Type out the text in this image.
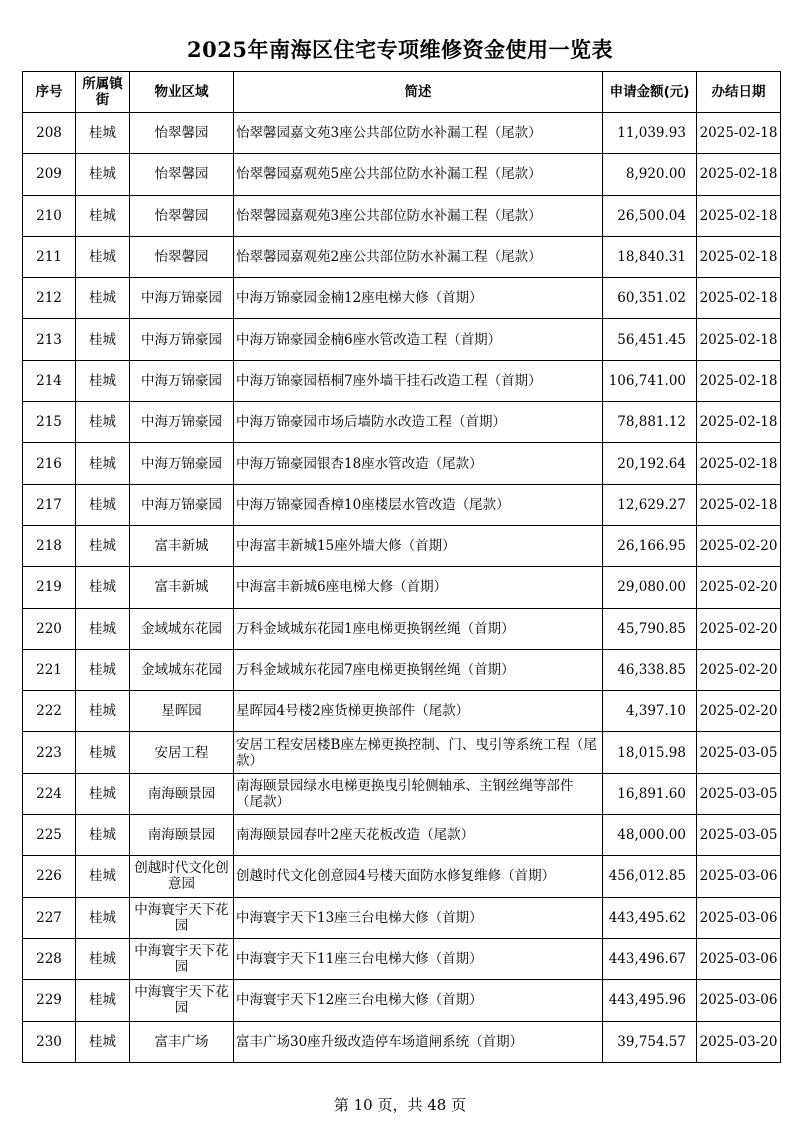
2025年南海区住宅专项维修资金使用一览表
序号	所属镇街	物业区域	简述	申请金额(元)	办结日期
208	桂城	怡翠馨园	怡翠馨园嘉文苑3座公共部位防水补漏工程（尾款）	11,039.93	2025-02-18
209	桂城	怡翠馨园	怡翠馨园嘉观苑5座公共部位防水补漏工程（尾款）	8,920.00	2025-02-18
210	桂城	怡翠馨园	怡翠馨园嘉观苑3座公共部位防水补漏工程（尾款）	26,500.04	2025-02-18
211	桂城	怡翠馨园	怡翠馨园嘉观苑2座公共部位防水补漏工程（尾款）	18,840.31	2025-02-18
212	桂城	中海万锦豪园	中海万锦豪园金楠12座电梯大修（首期）	60,351.02	2025-02-18
213	桂城	中海万锦豪园	中海万锦豪园金楠6座水管改造工程（首期）	56,451.45	2025-02-18
214	桂城	中海万锦豪园	中海万锦豪园梧桐7座外墙干挂石改造工程（首期）	106,741.00	2025-02-18
215	桂城	中海万锦豪园	中海万锦豪园市场后墙防水改造工程（首期）	78,881.12	2025-02-18
216	桂城	中海万锦豪园	中海万锦豪园银杏18座水管改造（尾款）	20,192.64	2025-02-18
217	桂城	中海万锦豪园	中海万锦豪园香樟10座楼层水管改造（尾款）	12,629.27	2025-02-18
218	桂城	富丰新城	中海富丰新城15座外墙大修（首期）	26,166.95	2025-02-20
219	桂城	富丰新城	中海富丰新城6座电梯大修（首期）	29,080.00	2025-02-20
220	桂城	金域城东花园	万科金域城东花园1座电梯更换钢丝绳（首期）	45,790.85	2025-02-20
221	桂城	金域城东花园	万科金域城东花园7座电梯更换钢丝绳（首期）	46,338.85	2025-02-20
222	桂城	星晖园	星晖园4号楼2座货梯更换部件（尾款）	4,397.10	2025-02-20
223	桂城	安居工程	安居工程安居楼B座左梯更换控制、门、曳引等系统工程（尾款）	18,015.98	2025-03-05
224	桂城	南海颐景园	南海颐景园绿水电梯更换曳引轮侧轴承、主钢丝绳等部件（尾款）	16,891.60	2025-03-05
225	桂城	南海颐景园	南海颐景园春叶2座天花板改造（尾款）	48,000.00	2025-03-05
226	桂城	创越时代文化创意园	创越时代文化创意园4号楼天面防水修复维修（首期）	456,012.85	2025-03-06
227	桂城	中海寰宇天下花园	中海寰宇天下13座三台电梯大修（首期）	443,495.62	2025-03-06
228	桂城	中海寰宇天下花园	中海寰宇天下11座三台电梯大修（首期）	443,496.67	2025-03-06
229	桂城	中海寰宇天下花园	中海寰宇天下12座三台电梯大修（首期）	443,495.96	2025-03-06
230	桂城	富丰广场	富丰广场30座升级改造停车场道闸系统（首期）	39,754.57	2025-03-20
第 10 页，共 48 页
